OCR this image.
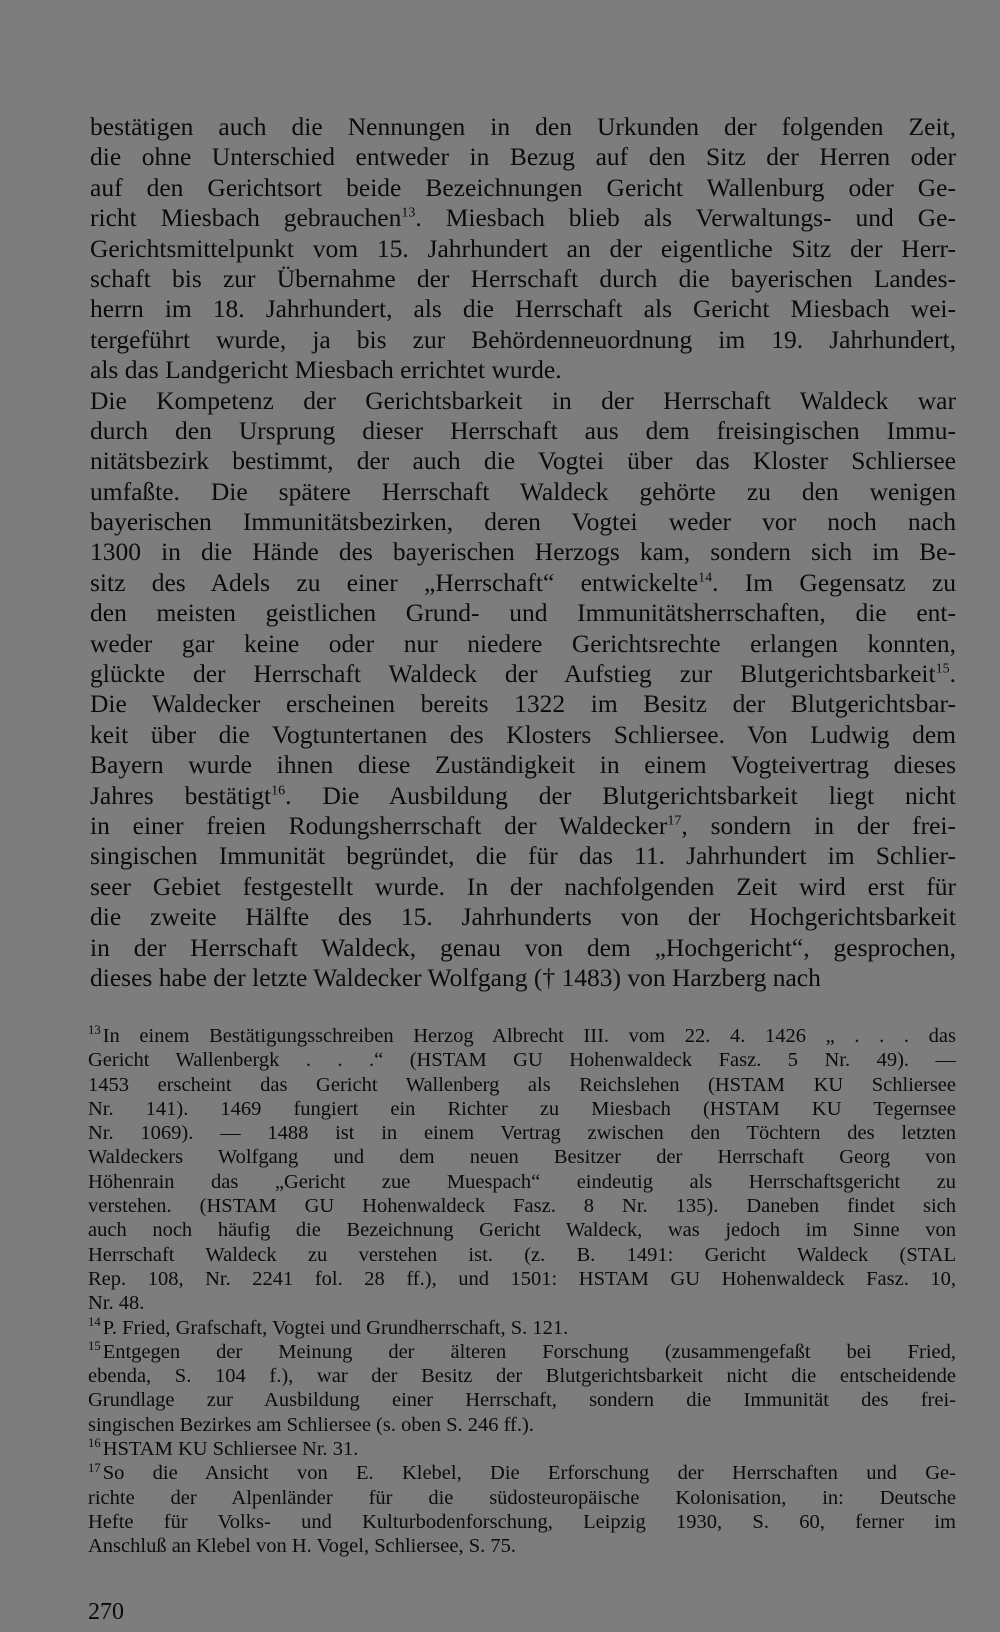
bestätigen auch die Nennungen in den Urkunden der folgenden Zeit,
die ohne Unterschied entweder in Bezug auf den Sitz der Herren oder
auf den Gerichtsort beide Bezeichnungen Gericht Wallenburg oder Ge-
richt Miesbach gebrauchen$^{13}$. Miesbach blieb als Verwaltungs- und Ge-
Gerichtsmittelpunkt vom 15. Jahrhundert an der eigentliche Sitz der Herr-
schaft bis zur Übernahme der Herrschaft durch die bayerischen Landes-
herrn im 18. Jahrhundert, als die Herrschaft als Gericht Miesbach wei-
tergeführt wurde, ja bis zur Behördenneuordnung im 19. Jahrhundert,
als das Landgericht Miesbach errichtet wurde.
Die Kompetenz der Gerichtsbarkeit in der Herrschaft Waldeck war
durch den Ursprung dieser Herrschaft aus dem freisingischen Immu-
nitätsbezirk bestimmt, der auch die Vogtei über das Kloster Schliersee
umfaßte. Die spätere Herrschaft Waldeck gehörte zu den wenigen
bayerischen Immunitätsbezirken, deren Vogtei weder vor noch nach
1300 in die Hände des bayerischen Herzogs kam, sondern sich im Be-
sitz des Adels zu einer „Herrschaft“ entwickelte$^{14}$. Im Gegensatz zu
den meisten geistlichen Grund- und Immunitätsherrschaften, die ent-
weder gar keine oder nur niedere Gerichtsrechte erlangen konnten,
glückte der Herrschaft Waldeck der Aufstieg zur Blutgerichtsbarkeit$^{15}$.
Die Waldecker erscheinen bereits 1322 im Besitz der Blutgerichtsbar-
keit über die Vogtuntertanen des Klosters Schliersee. Von Ludwig dem
Bayern wurde ihnen diese Zuständigkeit in einem Vogteivertrag dieses
Jahres bestätigt$^{16}$. Die Ausbildung der Blutgerichtsbarkeit liegt nicht
in einer freien Rodungsherrschaft der Waldecker$^{17}$, sondern in der frei-
singischen Immunität begründet, die für das 11. Jahrhundert im Schlier-
seer Gebiet festgestellt wurde. In der nachfolgenden Zeit wird erst für
die zweite Hälfte des 15. Jahrhunderts von der Hochgerichtsbarkeit
in der Herrschaft Waldeck, genau von dem „Hochgericht“, gesprochen,
dieses habe der letzte Waldecker Wolfgang († 1483) von Harzberg nach
$^{13}$In einem Bestätigungsschreiben Herzog Albrecht III. vom 22. 4. 1426 „ . . . das
Gericht Wallenbergk . . .“ (HSTAM GU Hohenwaldeck Fasz. 5 Nr. 49). —
1453 erscheint das Gericht Wallenberg als Reichslehen (HSTAM KU Schliersee
Nr. 141). 1469 fungiert ein Richter zu Miesbach (HSTAM KU Tegernsee
Nr. 1069). — 1488 ist in einem Vertrag zwischen den Töchtern des letzten
Waldeckers Wolfgang und dem neuen Besitzer der Herrschaft Georg von
Höhenrain das „Gericht zue Muespach“ eindeutig als Herrschaftsgericht zu
verstehen. (HSTAM GU Hohenwaldeck Fasz. 8 Nr. 135). Daneben findet sich
auch noch häufig die Bezeichnung Gericht Waldeck, was jedoch im Sinne von
Herrschaft Waldeck zu verstehen ist. (z. B. 1491: Gericht Waldeck (STAL
Rep. 108, Nr. 2241 fol. 28 ff.), und 1501: HSTAM GU Hohenwaldeck Fasz. 10,
Nr. 48.
$^{14}$P. Fried, Grafschaft, Vogtei und Grundherrschaft, S. 121.
$^{15}$Entgegen der Meinung der älteren Forschung (zusammengefaßt bei Fried,
ebenda, S. 104 f.), war der Besitz der Blutgerichtsbarkeit nicht die entscheidende
Grundlage zur Ausbildung einer Herrschaft, sondern die Immunität des frei-
singischen Bezirkes am Schliersee (s. oben S. 246 ff.).
$^{16}$HSTAM KU Schliersee Nr. 31.
$^{17}$So die Ansicht von E. Klebel, Die Erforschung der Herrschaften und Ge-
richte der Alpenländer für die südosteuropäische Kolonisation, in: Deutsche
Hefte für Volks- und Kulturbodenforschung, Leipzig 1930, S. 60, ferner im
Anschluß an Klebel von H. Vogel, Schliersee, S. 75.
270
